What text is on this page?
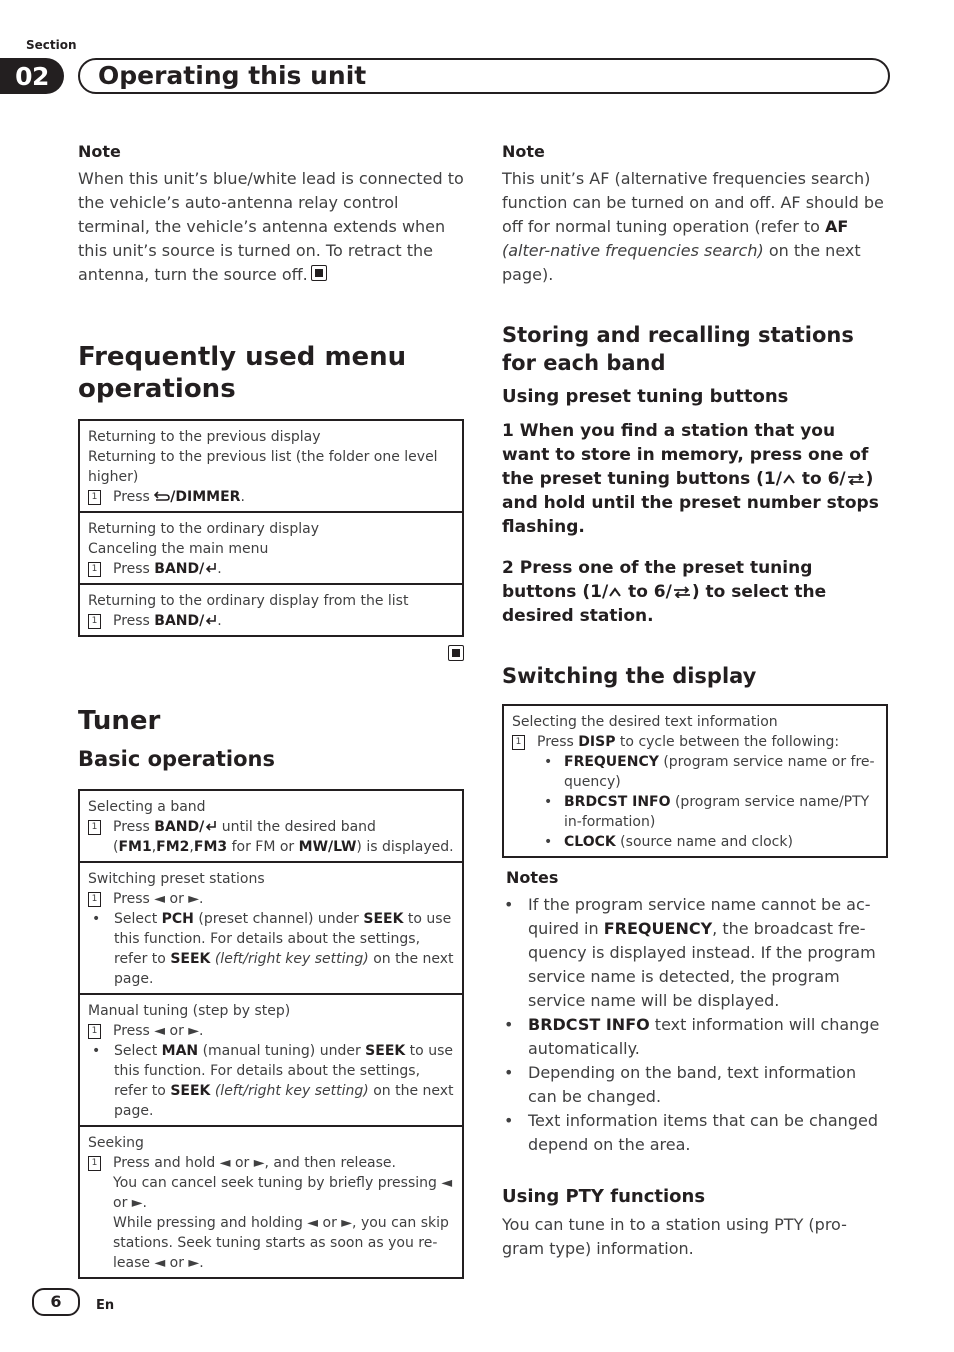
Section
02	Operating this unit
Note

When this unit’s blue/white lead is connected to the vehicle’s auto-antenna relay control terminal, the vehicle’s antenna extends when this unit’s source is turned on. To retract the antenna, turn the source off.

Frequently used menu operations
Returning to the previous display
Returning to the previous list (the folder one level higher)
1 Press /DIMMER.
Returning to the ordinary display
Canceling the main menu
1 Press BAND/ .
Returning to the ordinary display from the list
1 Press BAND/ .
Tuner
Basic operations
Selecting a band
1 Press BAND/ until the desired band (FM1,FM2,FM3 for FM or MW/LW) is displayed.
Switching preset stations
1 Press ◄ or ►.
• Select PCH (preset channel) under SEEK to use this function. For details about the settings, refer to SEEK (left/right key setting) on the next page.
Manual tuning (step by step)
1 Press ◄ or ►.
• Select MAN (manual tuning) under SEEK to use this function. For details about the settings, refer to SEEK (left/right key setting) on the next page.
Seeking
1 Press and hold ◄ or ►, and then release.
You can cancel seek tuning by briefly pressing ◄ or ►.
While pressing and holding ◄ or ►, you can skip stations. Seek tuning starts as soon as you re-lease ◄ or ►.
Note

This unit’s AF (alternative frequencies search) function can be turned on and off. AF should be off for normal tuning operation (refer to AF (alter-native frequencies search) on the next page).

Storing and recalling stations for each band
Using preset tuning buttons

1 When you find a station that you want to store in memory, press one of the preset tuning buttons (1/ to 6/ ) and hold until the preset number stops flashing.

2 Press one of the preset tuning buttons (1/ to 6/ ) to select the desired station.

Switching the display
Selecting the desired text information
1 Press DISP to cycle between the following:
• FREQUENCY (program service name or fre-quency)
• BRDCST INFO (program service name/PTY in-formation)
• CLOCK (source name and clock)
Notes
• If the program service name cannot be ac-quired in FREQUENCY, the broadcast fre-quency is displayed instead. If the program service name is detected, the program service name will be displayed.
• BRDCST INFO text information will change automatically.
• Depending on the band, text information can be changed.
• Text information items that can be changed depend on the area.
Using PTY functions

You can tune in to a station using PTY (pro-gram type) information.

6	En
